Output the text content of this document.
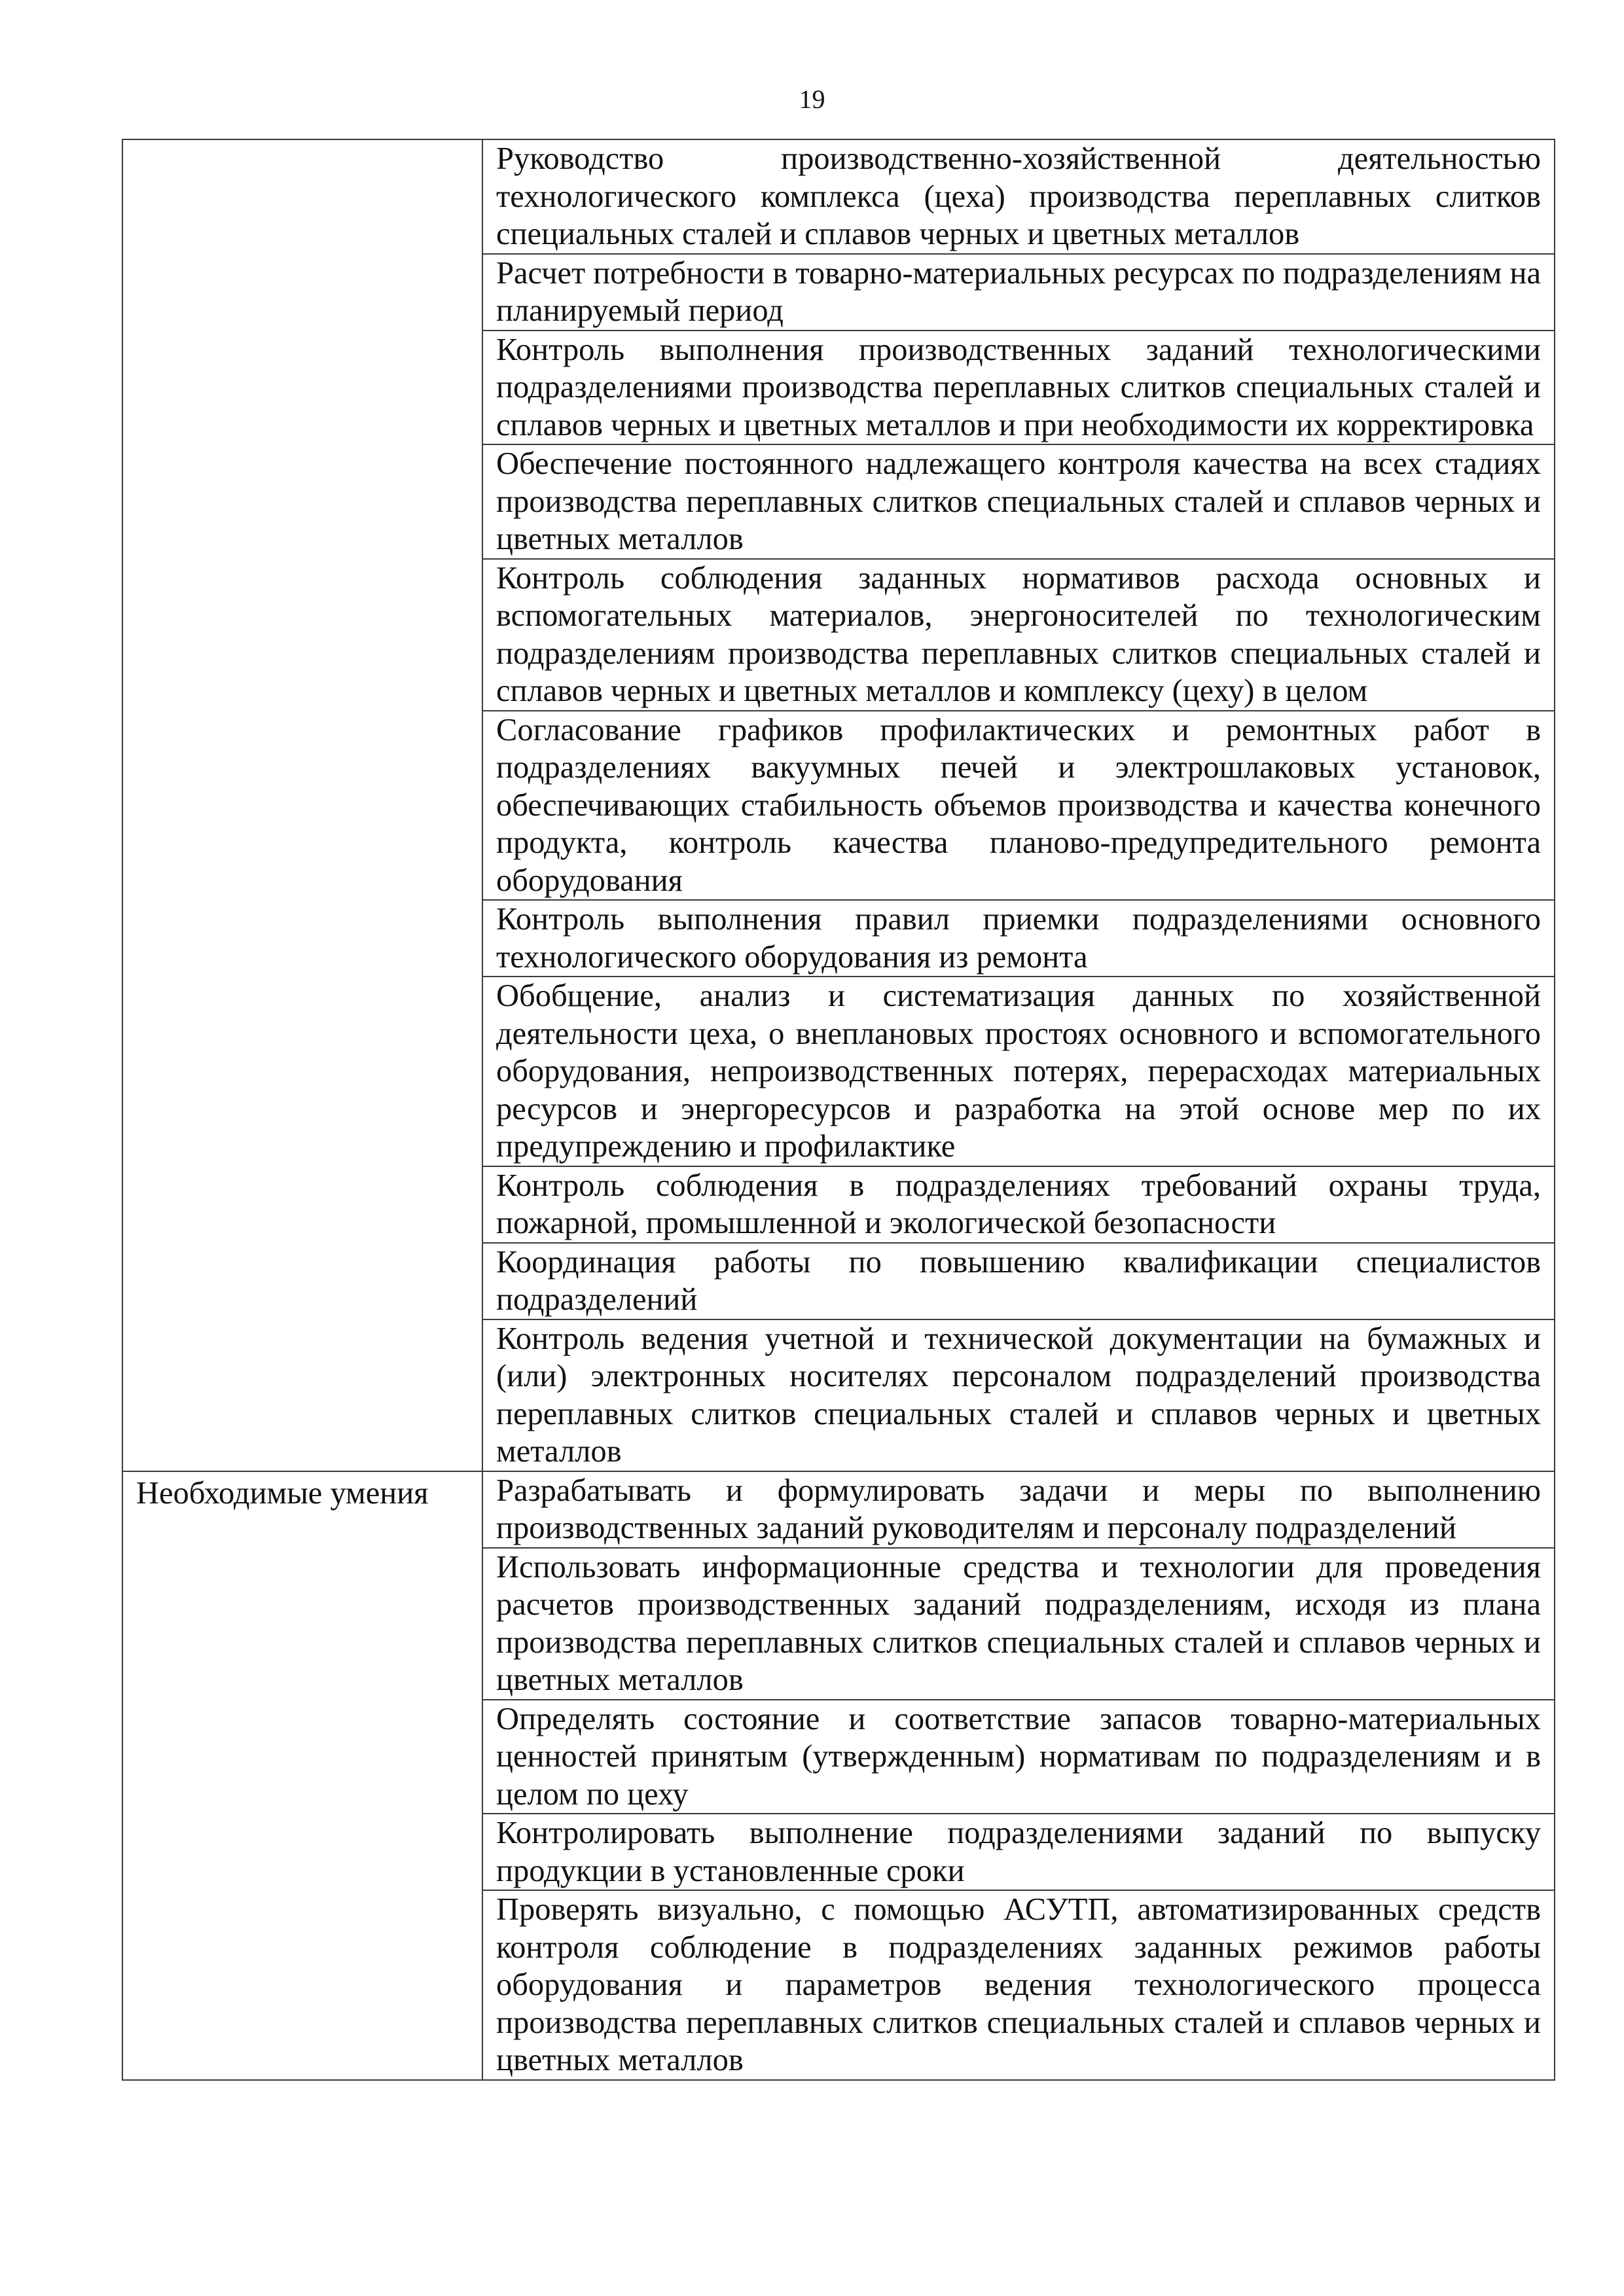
19

	Руководство производственно-хозяйственной деятельностью технологического комплекса (цеха) производства переплавных слитков специальных сталей и сплавов черных и цветных металлов

	Расчет потребности в товарно-материальных ресурсах по подразделениям на планируемый период

	Контроль выполнения производственных заданий технологическими подразделениями производства переплавных слитков специальных сталей и сплавов черных и цветных металлов и при необходимости их корректировка

	Обеспечение постоянного надлежащего контроля качества на всех стадиях производства переплавных слитков специальных сталей и сплавов черных и цветных металлов

	Контроль соблюдения заданных нормативов расхода основных и вспомогательных материалов, энергоносителей по технологическим подразделениям производства переплавных слитков специальных сталей и сплавов черных и цветных металлов и комплексу (цеху) в целом

	Согласование графиков профилактических и ремонтных работ в подразделениях вакуумных печей и электрошлаковых установок, обеспечивающих стабильность объемов производства и качества конечного продукта, контроль качества планово-предупредительного ремонта оборудования

	Контроль выполнения правил приемки подразделениями основного технологического оборудования из ремонта

	Обобщение, анализ и систематизация данных по хозяйственной деятельности цеха, о внеплановых простоях основного и вспомогательного оборудования, непроизводственных потерях, перерасходах материальных ресурсов и энергоресурсов и разработка на этой основе мер по их предупреждению и профилактике

	Контроль соблюдения в подразделениях требований охраны труда, пожарной, промышленной и экологической безопасности

	Координация работы по повышению квалификации специалистов подразделений

	Контроль ведения учетной и технической документации на бумажных и (или) электронных носителях персоналом подразделений производства переплавных слитков специальных сталей и сплавов черных и цветных металлов

Необходимые умения	Разрабатывать и формулировать задачи и меры по выполнению производственных заданий руководителям и персоналу подразделений

	Использовать информационные средства и технологии для проведения расчетов производственных заданий подразделениям, исходя из плана производства переплавных слитков специальных сталей и сплавов черных и цветных металлов

	Определять состояние и соответствие запасов товарно-материальных ценностей принятым (утвержденным) нормативам по подразделениям и в целом по цеху

	Контролировать выполнение подразделениями заданий по выпуску продукции в установленные сроки

	Проверять визуально, с помощью АСУТП, автоматизированных средств контроля соблюдение в подразделениях заданных режимов работы оборудования и параметров ведения технологического процесса производства переплавных слитков специальных сталей и сплавов черных и цветных металлов
